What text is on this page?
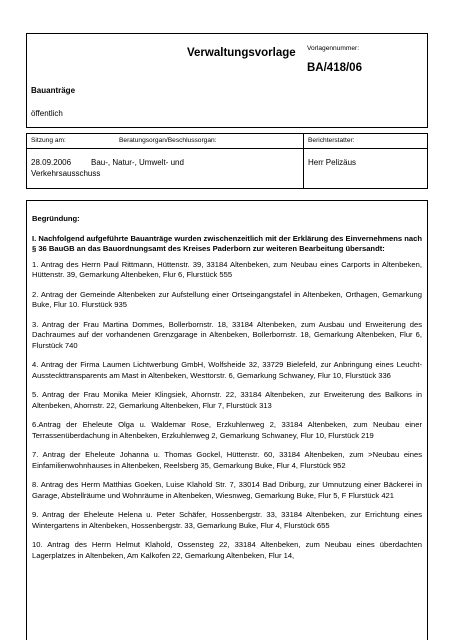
Verwaltungsvorlage
Bauanträge
öffentlich
Vorlagennummer:
BA/418/06
Sitzung am:	Beratungsorgan/Beschlussorgan:	Berichterstatter:
28.09.2006 Bau-, Natur-, Umwelt- und
Verkehrsausschuss
Herr Pelizäus

Begründung:

I. Nachfolgend aufgeführte Bauanträge wurden zwischenzeitlich mit der Erklärung des Einvernehmens nach § 36 BauGB an das Bauordnungsamt des Kreises Paderborn zur weiteren Bearbeitung übersandt:

1. Antrag des Herrn Paul Rittmann, Hüttenstr. 39, 33184 Altenbeken, zum Neubau eines Carports in Altenbeken, Hüttenstr. 39, Gemarkung Altenbeken, Flur 6, Flurstück 555

2. Antrag der Gemeinde Altenbeken zur Aufstellung einer Ortseingangstafel in Altenbeken, Orthagen, Gemarkung Buke, Flur 10. Flurstück 935

3. Antrag der Frau Martina Dommes, Bollerbornstr. 18, 33184 Altenbeken, zum Ausbau und Erweiterung des Dachraumes auf der vorhandenen Grenzgarage in Altenbeken, Bollerbornstr. 18, Gemarkung Altenbeken, Flur 6, Flurstück 740

4. Antrag der Firma Laumen Lichtwerbung GmbH, Wolfsheide 32, 33729 Bielefeld, zur Anbringung eines Leucht-Aussteckttransparents am Mast in Altenbeken, Westtorstr. 6, Gemarkung Schwaney, Flur 10, Flurstück 336

5. Antrag der Frau Monika Meier Klingsiek, Ahornstr. 22, 33184 Altenbeken, zur Erweiterung des Balkons in Altenbeken, Ahornstr. 22, Gemarkung Altenbeken, Flur 7, Flurstück 313

6.Antrag der Eheleute Olga u. Waldemar Rose, Erzkuhlenweg 2, 33184 Altenbeken, zum Neubau einer Terrassenüberdachung in Altenbeken, Erzkuhlenweg 2, Gemarkung Schwaney, Flur 10, Flurstück 219

7. Antrag der Eheleute Johanna u. Thomas Gockel, Hüttenstr. 60, 33184 Altenbeken, zum >Neubau eines Einfamilienwohnhauses in Altenbeken, Reelsberg 35, Gemarkung Buke, Flur 4, Flurstück 952

8. Antrag des Herrn Matthias Goeken, Luise Klahold Str. 7, 33014 Bad Driburg, zur Umnutzung einer Bäckerei in Garage, Abstellräume und Wohnräume in Altenbeken, Wiesnweg, Gemarkung Buke, Flur 5, F Flurstück 421

9. Antrag der Eheleute Helena u. Peter Schäfer, Hossenbergstr. 33, 33184 Altenbeken, zur Errichtung eines Wintergartens in Altenbeken, Hossenbergstr. 33, Gemarkung Buke, Flur 4, Flurstück 655

10. Antrag des Herrn Helmut Klahold, Ossensteg 22, 33184 Altenbeken, zum Neubau eines überdachten Lagerplatzes in Altenbeken, Am Kalkofen 22, Gemarkung Altenbeken, Flur 14,
